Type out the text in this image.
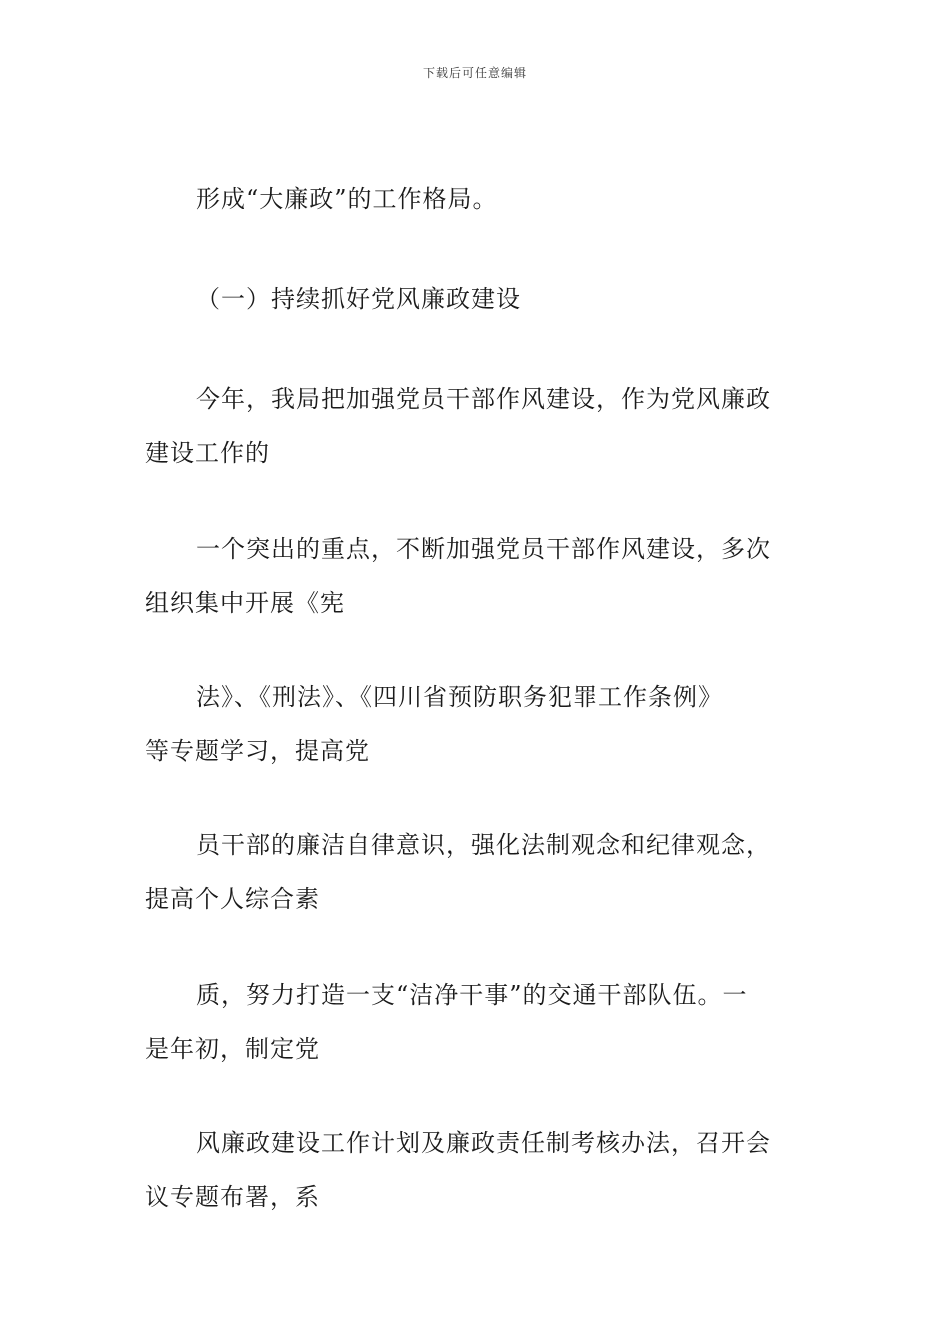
下载后可任意编辑
形成“大廉政”的工作格局。
（一）持续抓好党风廉政建设
今年，我局把加强党员干部作风建设，作为党风廉政
建设工作的
一个突出的重点，不断加强党员干部作风建设，多次
组织集中开展《宪
法》、《刑法》、《四川省预防职务犯罪工作条例》
等专题学习，提高党
员干部的廉洁自律意识，强化法制观念和纪律观念，
提高个人综合素
质，努力打造一支“洁净干事”的交通干部队伍。一
是年初，制定党
风廉政建设工作计划及廉政责任制考核办法，召开会
议专题布署，系
